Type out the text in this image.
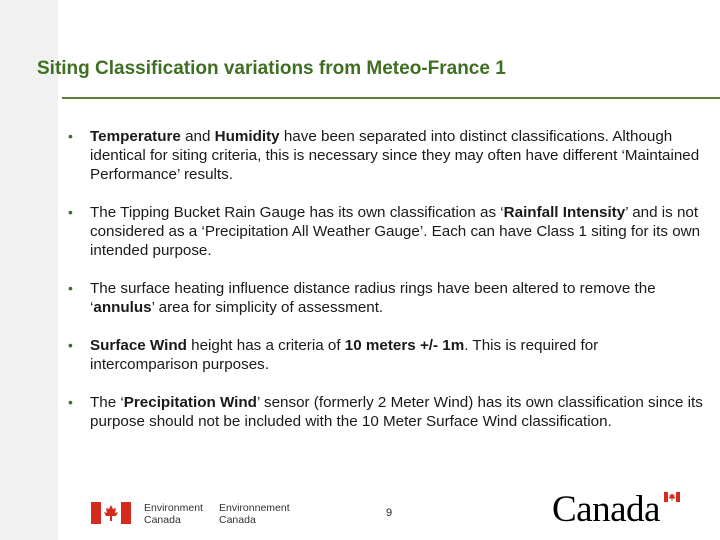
Siting Classification variations from Meteo-France 1
• Temperature and Humidity have been separated into distinct classifications. Although identical for siting criteria, this is necessary since they may often have different ‘Maintained Performance’ results.
• The Tipping Bucket Rain Gauge has its own classification as ‘Rainfall Intensity’ and is not considered as a ‘Precipitation All Weather Gauge’. Each can have Class 1 siting for its own intended purpose.
• The surface heating influence distance radius rings have been altered to remove the ‘annulus’ area for simplicity of assessment.
• Surface Wind height has a criteria of 10 meters +/- 1m. This is required for intercomparison purposes.
• The ‘Precipitation Wind’ sensor (formerly 2 Meter Wind) has its own classification since its purpose should not be included with the 10 Meter Surface Wind classification.
Environment
Canada
Environnement
Canada
9	Canada
